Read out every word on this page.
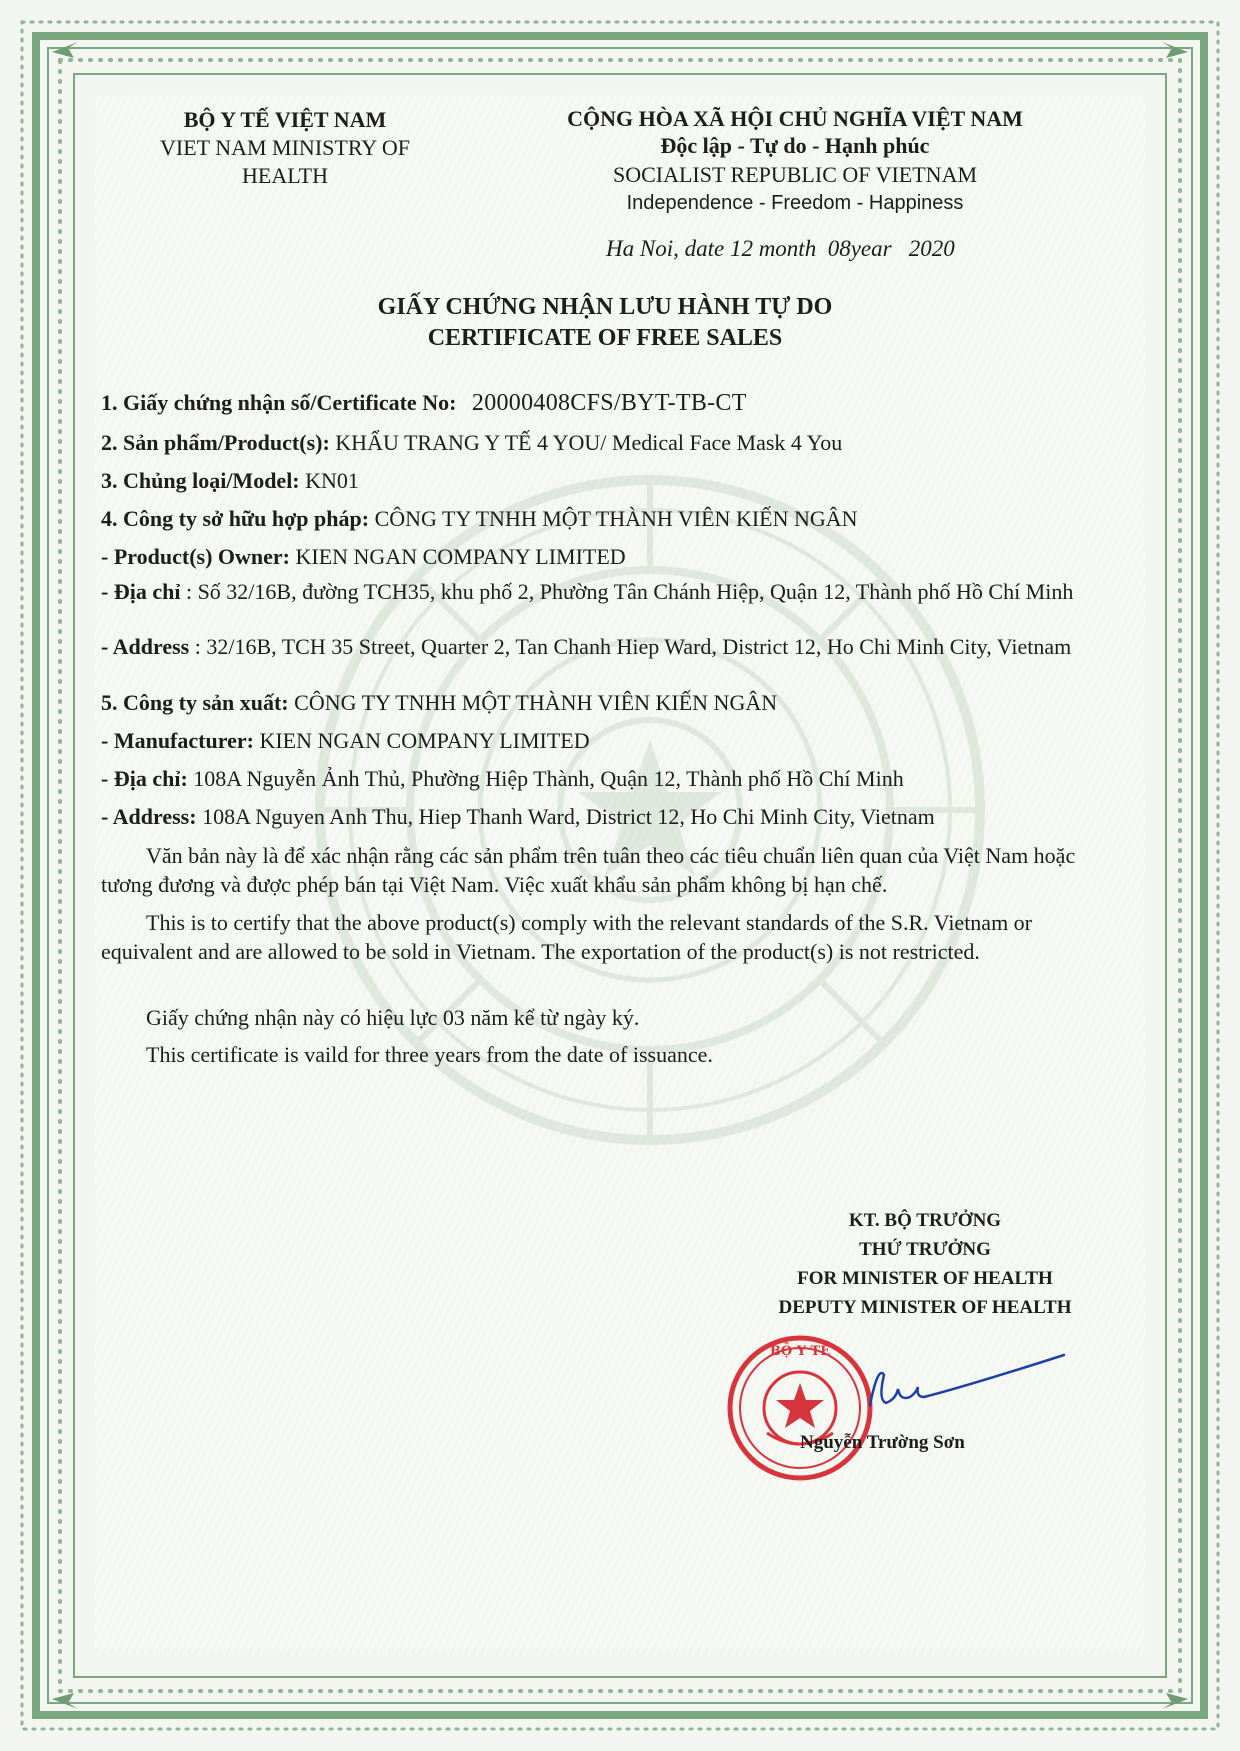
BỘ Y TẾ VIỆT NAM
VIET NAM MINISTRY OF HEALTH
CỘNG HÒA XÃ HỘI CHỦ NGHĨA VIỆT NAM
Độc lập - Tự do - Hạnh phúc
SOCIALIST REPUBLIC OF VIETNAM
Independence - Freedom - Happiness
Ha Noi, date 12 month  08year   2020
GIẤY CHỨNG NHẬN LƯU HÀNH TỰ DO
CERTIFICATE OF FREE SALES
1. Giấy chứng nhận số/Certificate No: 20000408CFS/BYT-TB-CT
2. Sản phẩm/Product(s): KHẨU TRANG Y TẾ 4 YOU/ Medical Face Mask 4 You
3. Chủng loại/Model: KN01
4. Công ty sở hữu hợp pháp: CÔNG TY TNHH MỘT THÀNH VIÊN KIẾN NGÂN
- Product(s) Owner: KIEN NGAN COMPANY LIMITED
- Địa chỉ : Số 32/16B, đường TCH35, khu phố 2, Phường Tân Chánh Hiệp, Quận 12, Thành phố Hồ Chí Minh
- Address : 32/16B, TCH 35 Street, Quarter 2, Tan Chanh Hiep Ward, District 12, Ho Chi Minh City, Vietnam
5. Công ty sản xuất: CÔNG TY TNHH MỘT THÀNH VIÊN KIẾN NGÂN
- Manufacturer: KIEN NGAN COMPANY LIMITED
- Địa chỉ: 108A Nguyễn Ảnh Thủ, Phường Hiệp Thành, Quận 12, Thành phố Hồ Chí Minh
- Address: 108A Nguyen Anh Thu, Hiep Thanh Ward, District 12, Ho Chi Minh City, Vietnam
Văn bản này là để xác nhận rằng các sản phẩm trên tuân theo các tiêu chuẩn liên quan của Việt Nam hoặc tương đương và được phép bán tại Việt Nam. Việc xuất khẩu sản phẩm không bị hạn chế.
This is to certify that the above product(s) comply with the relevant standards of the S.R. Vietnam or equivalent and are allowed to be sold in Vietnam. The exportation of the product(s) is not restricted.
Giấy chứng nhận này có hiệu lực 03 năm kể từ ngày ký.
This certificate is vaild for three years from the date of issuance.
KT. BỘ TRƯỞNG
THỨ TRƯỞNG
FOR MINISTER OF HEALTH
DEPUTY MINISTER OF HEALTH
BỘ Y TẾ
Nguyễn Trường Sơn
